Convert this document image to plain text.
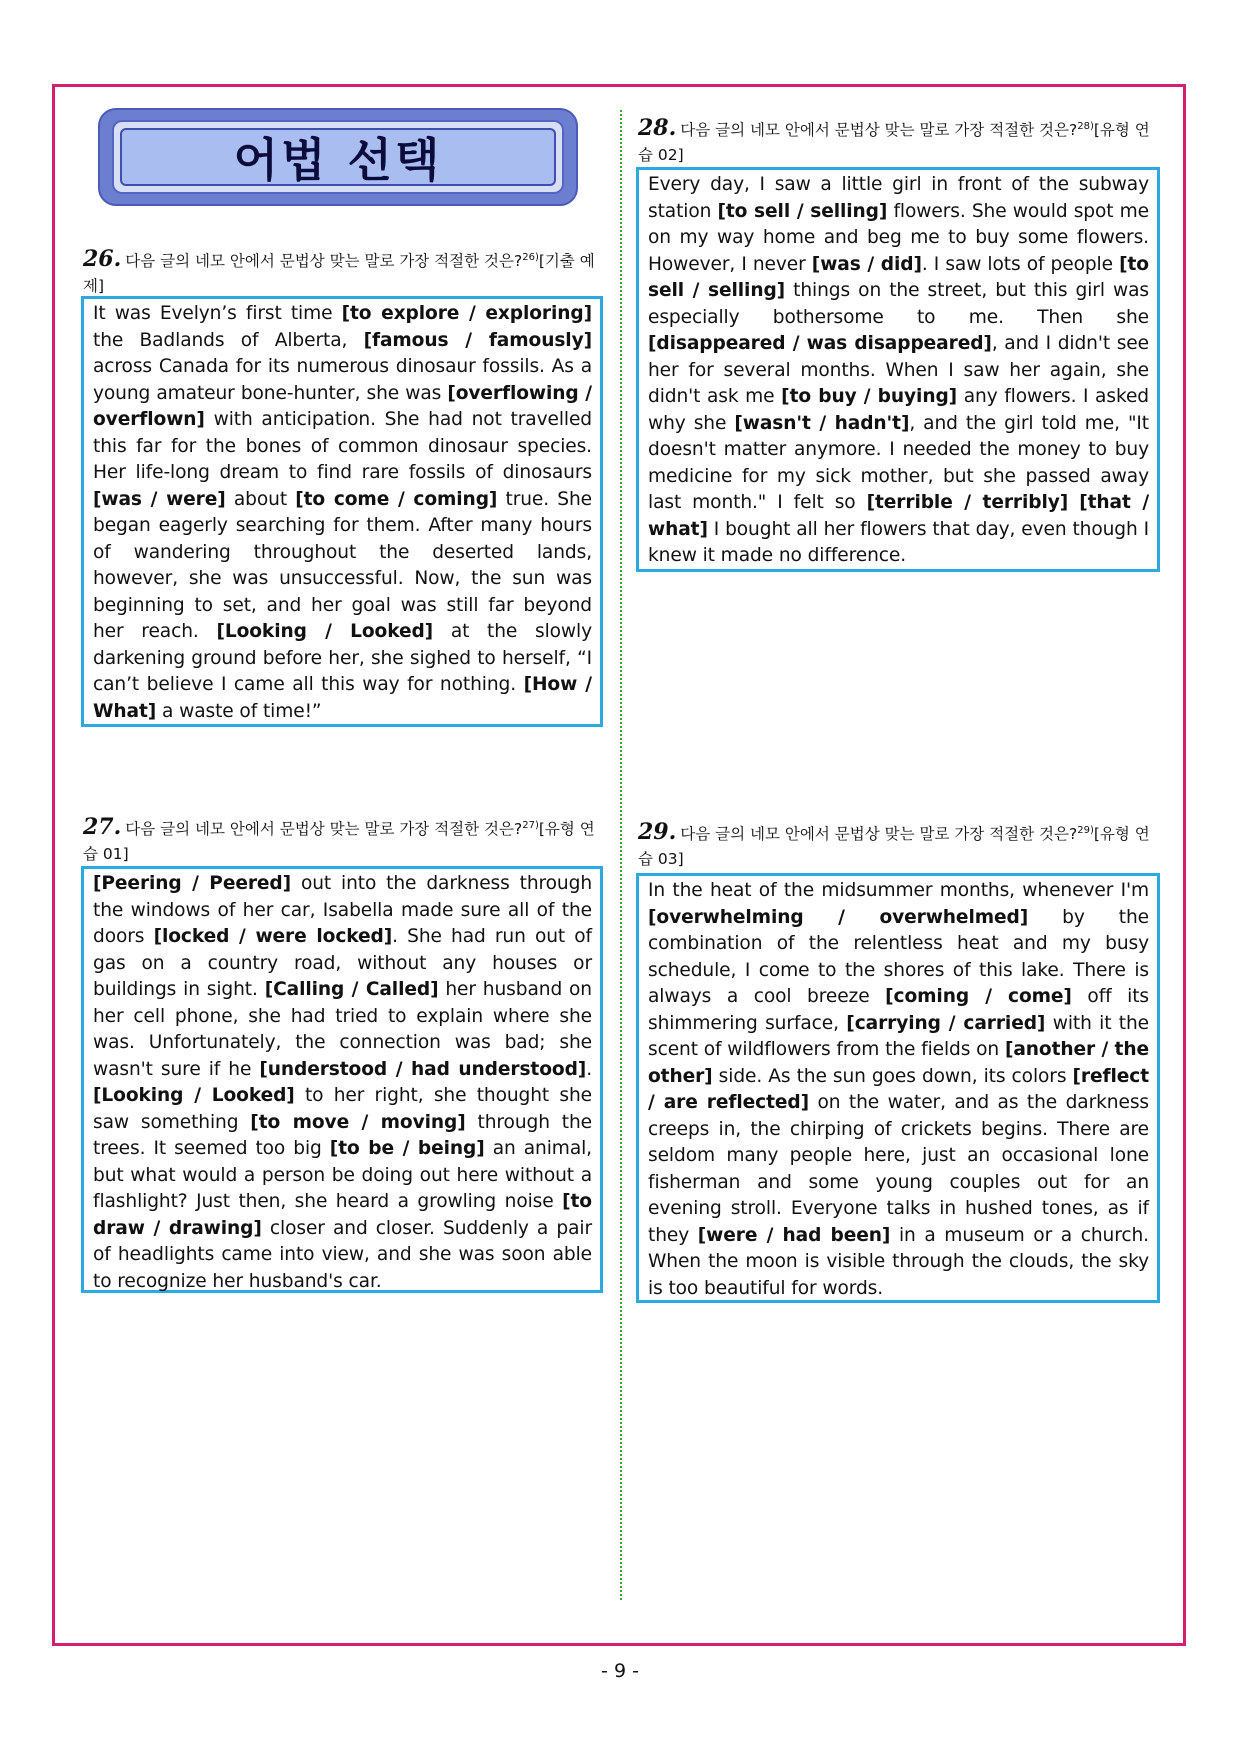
어법 선택
26. 다음 글의 네모 안에서 문법상 맞는 말로 가장 적절한 것은?$^{26)}$[기출 예제]
It was Evelyn’s first time [to explore / exploring] the Badlands of Alberta, [famous / famously] across Canada for its numerous dinosaur fossils. As a young amateur bone-hunter, she was [overflowing / overflown] with anticipation. She had not travelled this far for the bones of common dinosaur species. Her life-long dream to find rare fossils of dinosaurs [was / were] about [to come / coming] true. She began eagerly searching for them. After many hours of wandering throughout the deserted lands, however, she was unsuccessful. Now, the sun was beginning to set, and her goal was still far beyond her reach. [Looking / Looked] at the slowly darkening ground before her, she sighed to herself, “I can’t believe I came all this way for nothing. [How / What] a waste of time!”
27. 다음 글의 네모 안에서 문법상 맞는 말로 가장 적절한 것은?$^{27)}$[유형 연습 01]
[Peering / Peered] out into the darkness through the windows of her car, Isabella made sure all of the doors [locked / were locked]. She had run out of gas on a country road, without any houses or buildings in sight. [Calling / Called] her husband on her cell phone, she had tried to explain where she was. Unfortunately, the connection was bad; she wasn't sure if he [understood / had understood]. [Looking / Looked] to her right, she thought she saw something [to move / moving] through the trees. It seemed too big [to be / being] an animal, but what would a person be doing out here without a flashlight? Just then, she heard a growling noise [to draw / drawing] closer and closer. Suddenly a pair of headlights came into view, and she was soon able to recognize her husband's car.
28. 다음 글의 네모 안에서 문법상 맞는 말로 가장 적절한 것은?$^{28)}$[유형 연습 02]
Every day, I saw a little girl in front of the subway station [to sell / selling] flowers. She would spot me on my way home and beg me to buy some flowers. However, I never [was / did]. I saw lots of people [to sell / selling] things on the street, but this girl was especially bothersome to me. Then she [disappeared / was disappeared], and I didn't see her for several months. When I saw her again, she didn't ask me [to buy / buying] any flowers. I asked why she [wasn't / hadn't], and the girl told me, "It doesn't matter anymore. I needed the money to buy medicine for my sick mother, but she passed away last month." I felt so [terrible / terribly] [that / what] I bought all her flowers that day, even though I knew it made no difference.
29. 다음 글의 네모 안에서 문법상 맞는 말로 가장 적절한 것은?$^{29)}$[유형 연습 03]
In the heat of the midsummer months, whenever I'm [overwhelming / overwhelmed] by the combination of the relentless heat and my busy schedule, I come to the shores of this lake. There is always a cool breeze [coming / come] off its shimmering surface, [carrying / carried] with it the scent of wildflowers from the fields on [another / the other] side. As the sun goes down, its colors [reflect / are reflected] on the water, and as the darkness creeps in, the chirping of crickets begins. There are seldom many people here, just an occasional lone fisherman and some young couples out for an evening stroll. Everyone talks in hushed tones, as if they [were / had been] in a museum or a church. When the moon is visible through the clouds, the sky is too beautiful for words.
- 9 -
